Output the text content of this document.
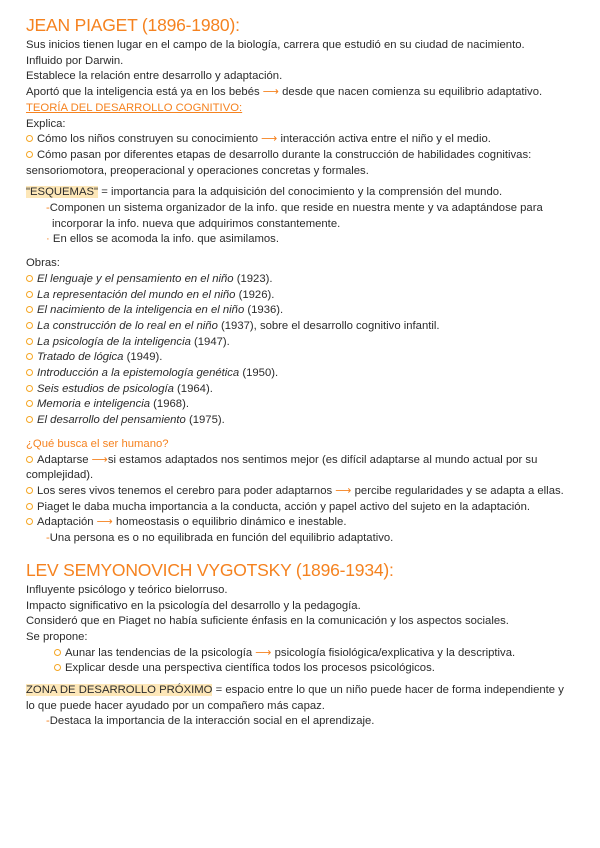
JEAN PIAGET (1896-1980):
Sus inicios tienen lugar en el campo de la biología, carrera que estudió en su ciudad de nacimiento.
Influido por Darwin.
Establece la relación entre desarrollo y adaptación.
Aportó que la inteligencia está ya en los bebés ⟶ desde que nacen comienza su equilibrio adaptativo.
TEORÍA DEL DESARROLLO COGNITIVO:
Explica:
Cómo los niños construyen su conocimiento ⟶ interacción activa entre el niño y el medio.
Cómo pasan por diferentes etapas de desarrollo durante la construcción de habilidades cognitivas:
sensoriomotora, preoperacional y operaciones concretas y formales.
"ESQUEMAS" = importancia para la adquisición del conocimiento y la comprensión del mundo.
-Componen un sistema organizador de la info. que reside en nuestra mente y va adaptándose para
incorporar la info. nueva que adquirimos constantemente.
· En ellos se acomoda la info. que asimilamos.
Obras:
El lenguaje y el pensamiento en el niño (1923).
La representación del mundo en el niño (1926).
El nacimiento de la inteligencia en el niño (1936).
La construcción de lo real en el niño (1937), sobre el desarrollo cognitivo infantil.
La psicología de la inteligencia (1947).
Tratado de lógica (1949).
Introducción a la epistemología genética (1950).
Seis estudios de psicología (1964).
Memoria e inteligencia (1968).
El desarrollo del pensamiento (1975).
¿Qué busca el ser humano?
Adaptarse ⟶si estamos adaptados nos sentimos mejor (es difícil adaptarse al mundo actual por su
complejidad).
Los seres vivos tenemos el cerebro para poder adaptarnos ⟶ percibe regularidades y se adapta a ellas.
Piaget le daba mucha importancia a la conducta, acción y papel activo del sujeto en la adaptación.
Adaptación ⟶ homeostasis o equilibrio dinámico e inestable.
-Una persona es o no equilibrada en función del equilibrio adaptativo.
LEV SEMYONOVICH VYGOTSKY (1896-1934):
Influyente psicólogo y teórico bielorruso.
Impacto significativo en la psicología del desarrollo y la pedagogía.
Consideró que en Piaget no había suficiente énfasis en la comunicación y los aspectos sociales.
Se propone:
Aunar las tendencias de la psicología ⟶ psicología fisiológica/explicativa y la descriptiva.
Explicar desde una perspectiva científica todos los procesos psicológicos.
ZONA DE DESARROLLO PRÓXIMO = espacio entre lo que un niño puede hacer de forma independiente y
lo que puede hacer ayudado por un compañero más capaz.
-Destaca la importancia de la interacción social en el aprendizaje.
